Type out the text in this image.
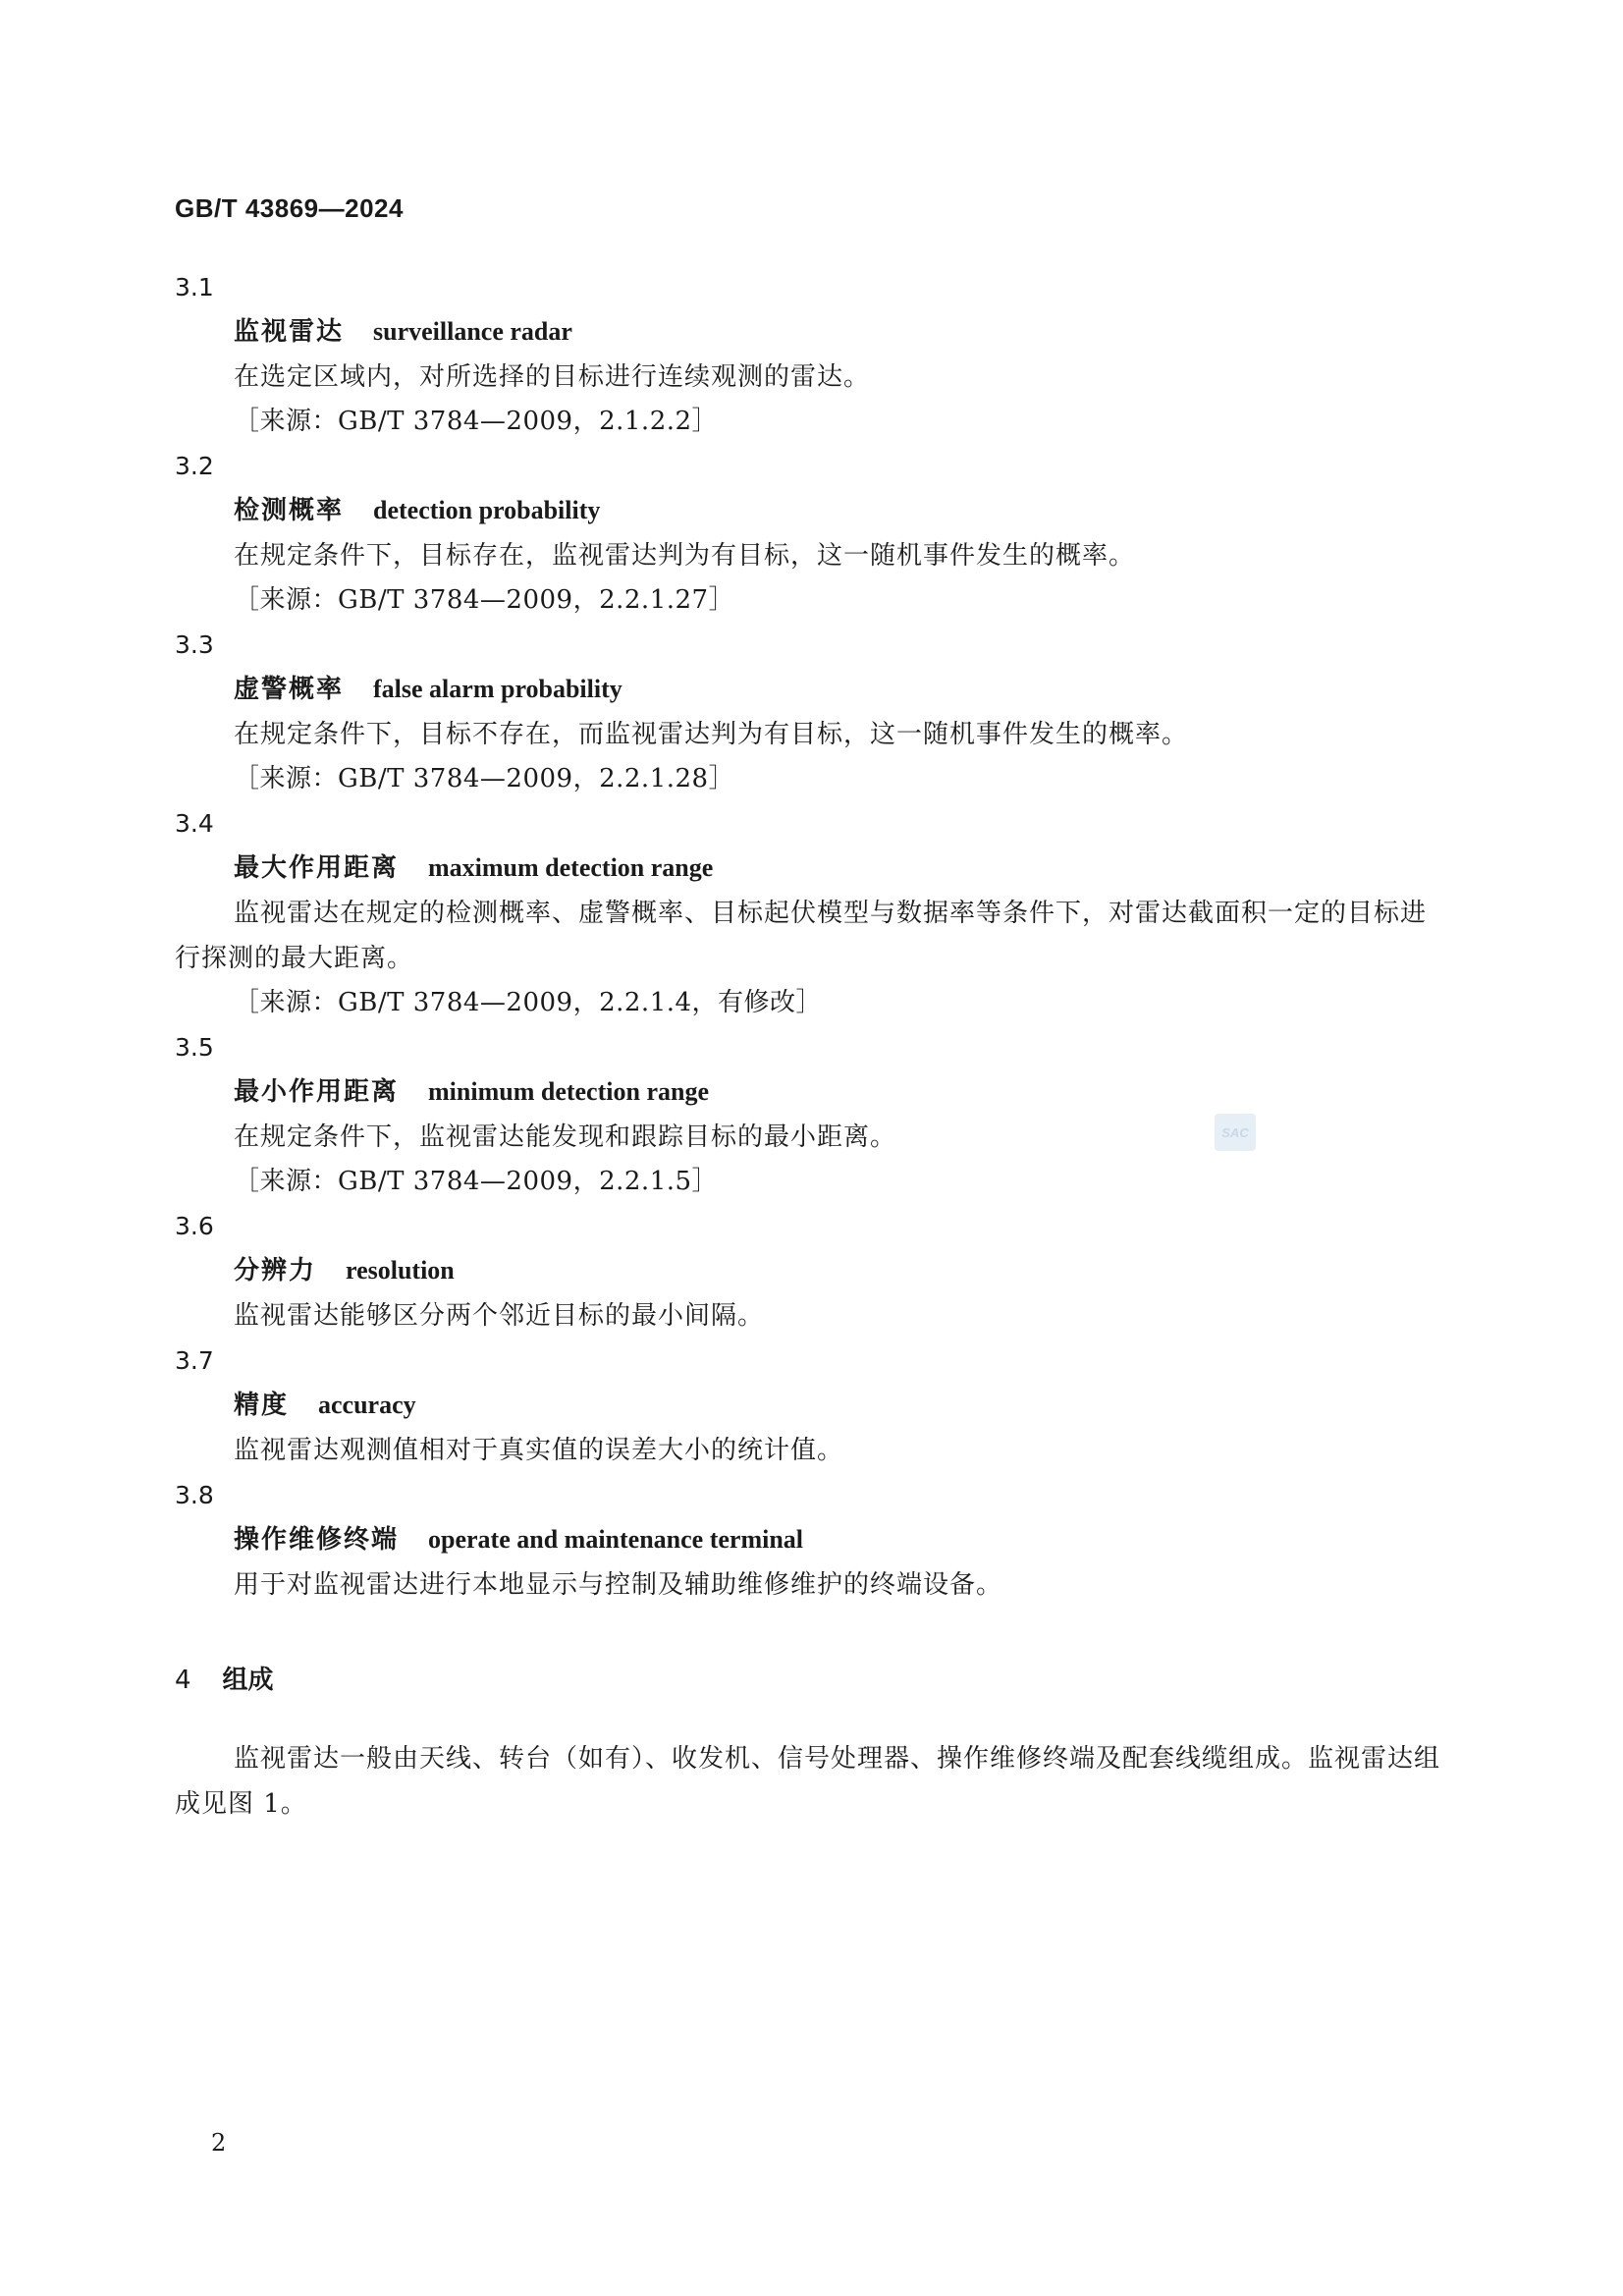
GB/T 43869—2024
3.1
监视雷达 surveillance radar
在选定区域内，对所选择的目标进行连续观测的雷达。
［来源：GB/T 3784—2009，2.1.2.2］
3.2
检测概率 detection probability
在规定条件下，目标存在，监视雷达判为有目标，这一随机事件发生的概率。
［来源：GB/T 3784—2009，2.2.1.27］
3.3
虚警概率 false alarm probability
在规定条件下，目标不存在，而监视雷达判为有目标，这一随机事件发生的概率。
［来源：GB/T 3784—2009，2.2.1.28］
3.4
最大作用距离 maximum detection range
监视雷达在规定的检测概率、虚警概率、目标起伏模型与数据率等条件下，对雷达截面积一定的目标进行探测的最大距离。
［来源：GB/T 3784—2009，2.2.1.4，有修改］
3.5
最小作用距离 minimum detection range
在规定条件下，监视雷达能发现和跟踪目标的最小距离。
［来源：GB/T 3784—2009，2.2.1.5］
3.6
分辨力 resolution
监视雷达能够区分两个邻近目标的最小间隔。
3.7
精度 accuracy
监视雷达观测值相对于真实值的误差大小的统计值。
3.8
操作维修终端 operate and maintenance terminal
用于对监视雷达进行本地显示与控制及辅助维修维护的终端设备。
4 组成
监视雷达一般由天线、转台（如有）、收发机、信号处理器、操作维修终端及配套线缆组成。监视雷达组成见图 1。
SAC
2
